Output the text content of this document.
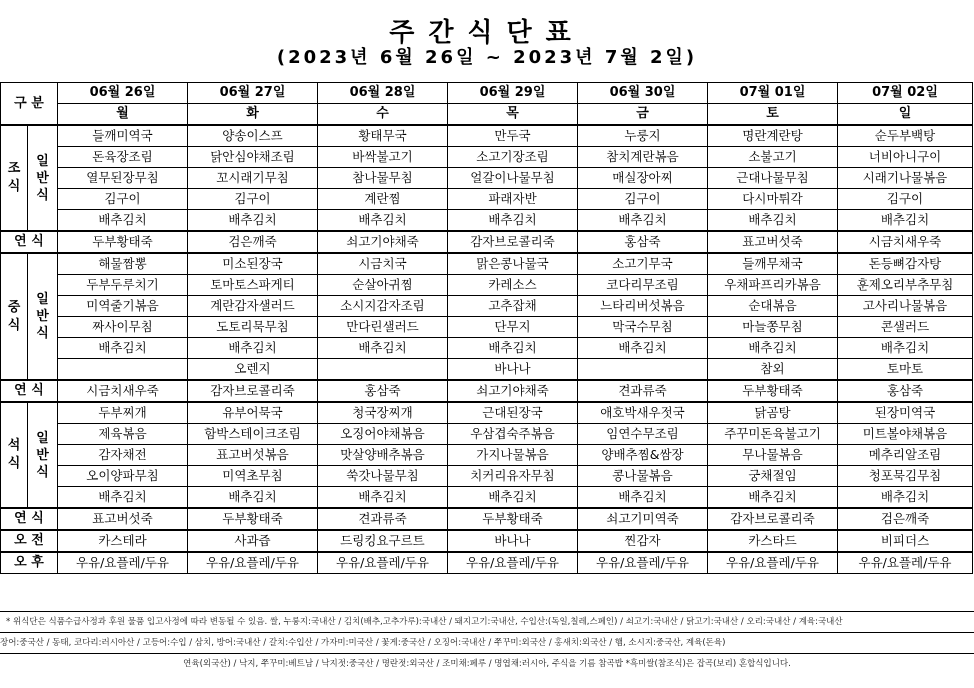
주간식단표
(2023년 6월 26일 ~ 2023년 7월 2일)
구 분		06월 26일	06월 27일	06월 28일	06월 29일	06월 30일	07월 01일	07월 02일
		월	화	수	목	금	토	일
조식	일반식	들깨미역국	양송이스프	황태무국	만두국	누룽지	명란계란탕	순두부백탕
		돈육장조림	닭안심야채조림	바싹불고기	소고기장조림	참치계란볶음	소불고기	너비아니구이
		열무된장무침	꼬시래기무침	참나물무침	얼갈이나물무침	매실장아찌	근대나물무침	시래기나물볶음
		김구이	김구이	계란찜	파래자반	김구이	다시마튀각	김구이
		배추김치	배추김치	배추김치	배추김치	배추김치	배추김치	배추김치
연 식		두부황태죽	검은깨죽	쇠고기야채죽	감자브로콜리죽	홍삼죽	표고버섯죽	시금치새우죽
중식	일반식	해물짬뽕	미소된장국	시금치국	맑은콩나물국	소고기무국	들깨무채국	돈등뼈감자탕
		두부두루치기	토마토스파게티	순살아귀찜	카레소스	코다리무조림	우채파프리카볶음	훈제오리부추무침
		미역줄기볶음	계란감자샐러드	소시지감자조림	고추잡채	느타리버섯볶음	순대볶음	고사리나물볶음
		짜사이무침	도토리묵무침	만다린샐러드	단무지	막국수무침	마늘쫑무침	콘샐러드
		배추김치	배추김치	배추김치	배추김치	배추김치	배추김치	배추김치
			오렌지		바나나		참외	토마토
연 식		시금치새우죽	감자브로콜리죽	홍삼죽	쇠고기야채죽	견과류죽	두부황태죽	홍삼죽
석식	일반식	두부찌개	유부어묵국	청국장찌개	근대된장국	애호박새우젓국	닭곰탕	된장미역국
		제육볶음	함박스테이크조림	오징어야채볶음	우삼겹숙주볶음	임연수무조림	주꾸미돈육불고기	미트볼야채볶음
		감자채전	표고버섯볶음	맛살양배추볶음	가지나물볶음	양배추찜&쌈장	무나물볶음	메추리알조림
		오이양파무침	미역초무침	쑥갓나물무침	치커리유자무침	콩나물볶음	궁채절임	청포묵김무침
		배추김치	배추김치	배추김치	배추김치	배추김치	배추김치	배추김치
연 식		표고버섯죽	두부황태죽	견과류죽	두부황태죽	쇠고기미역죽	감자브로콜리죽	검은깨죽
오 전		카스테라	사과즙	드링킹요구르트	바나나	찐감자	카스타드	비피더스
오 후		우유/요플레/두유	우유/요플레/두유	우유/요플레/두유	우유/요플레/두유	우유/요플레/두유	우유/요플레/두유	우유/요플레/두유
* 위식단은 식품수급사정과 후원 물품 입고사정에 따라 변동될 수 있음. 쌀, 누룽지:국내산 / 김치(배추,고추가루):국내산 / 돼지고기:국내산, 수입산:(독일,칠레,스페인) / 쇠고기:국내산 / 닭고기:국내산 / 오리:국내산 / 계육:국내산
장어:중국산 / 동태, 코다리:러시아산 / 고등어:수입 / 삼치, 방어:국내산 / 갈치:수입산 / 가자미:미국산 / 꽃게:중국산 / 오징어:국내산 / 쭈꾸미:외국산 / 홍새치:외국산 / 햄, 소시지:중국산, 계육(돈육)
연육(외국산) / 낙지, 쭈꾸미:베트남 / 낙지젓:중국산 / 명란젓:외국산 / 조미채:페루 / 명엽채:러시아, 주식을 기름 참곡밥 *흑미쌀(참조식)은 잡곡(보리) 혼합식입니다.
